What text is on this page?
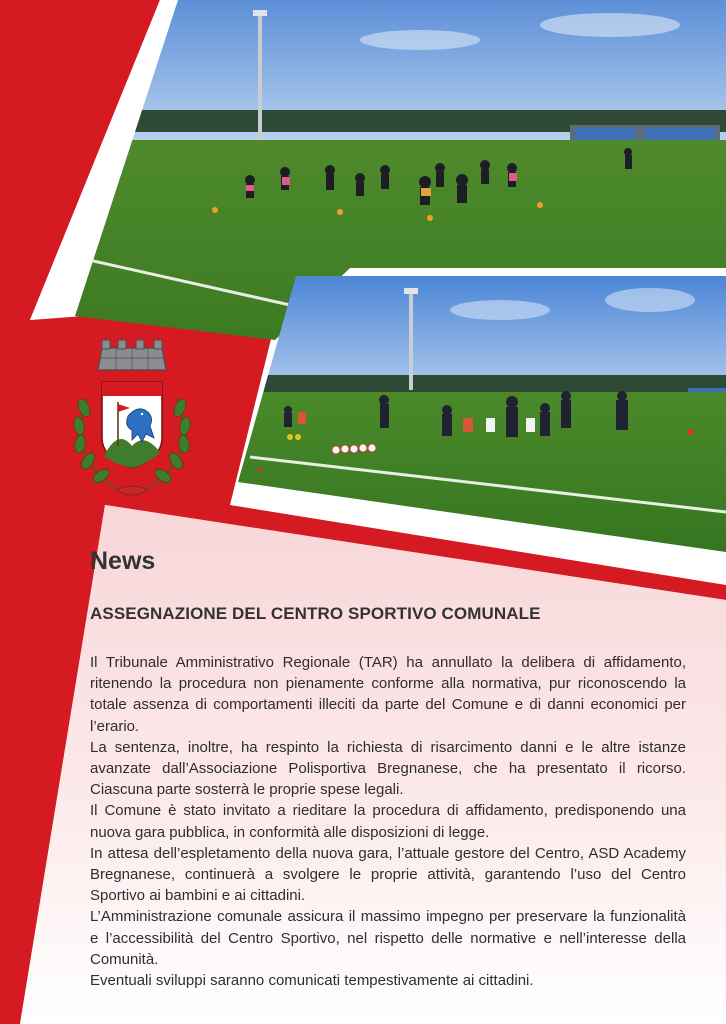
News
ASSEGNAZIONE DEL CENTRO SPORTIVO COMUNALE

Il Tribunale Amministrativo Regionale (TAR) ha annullato la delibera di affidamento, ritenendo la procedura non pienamente conforme alla normativa, pur riconoscendo la totale assenza di comportamenti illeciti da parte del Comune e di danni economici per l’erario.

La sentenza, inoltre, ha respinto la richiesta di risarcimento danni e le altre istanze avanzate dall’Associazione Polisportiva Bregnanese, che ha presentato il ricorso. Ciascuna parte sosterrà le proprie spese legali.

Il Comune è stato invitato a rieditare la procedura di affidamento, predisponendo una nuova gara pubblica, in conformità alle disposizioni di legge.

In attesa dell’espletamento della nuova gara, l’attuale gestore del Centro, ASD Academy Bregnanese, continuerà a svolgere le proprie attività, garantendo l’uso del Centro Sportivo ai bambini e ai cittadini.

L’Amministrazione comunale assicura il massimo impegno per preservare la funzionalità e l’accessibilità del Centro Sportivo, nel rispetto delle normative e nell’interesse della Comunità.

Eventuali sviluppi saranno comunicati tempestivamente ai cittadini.
